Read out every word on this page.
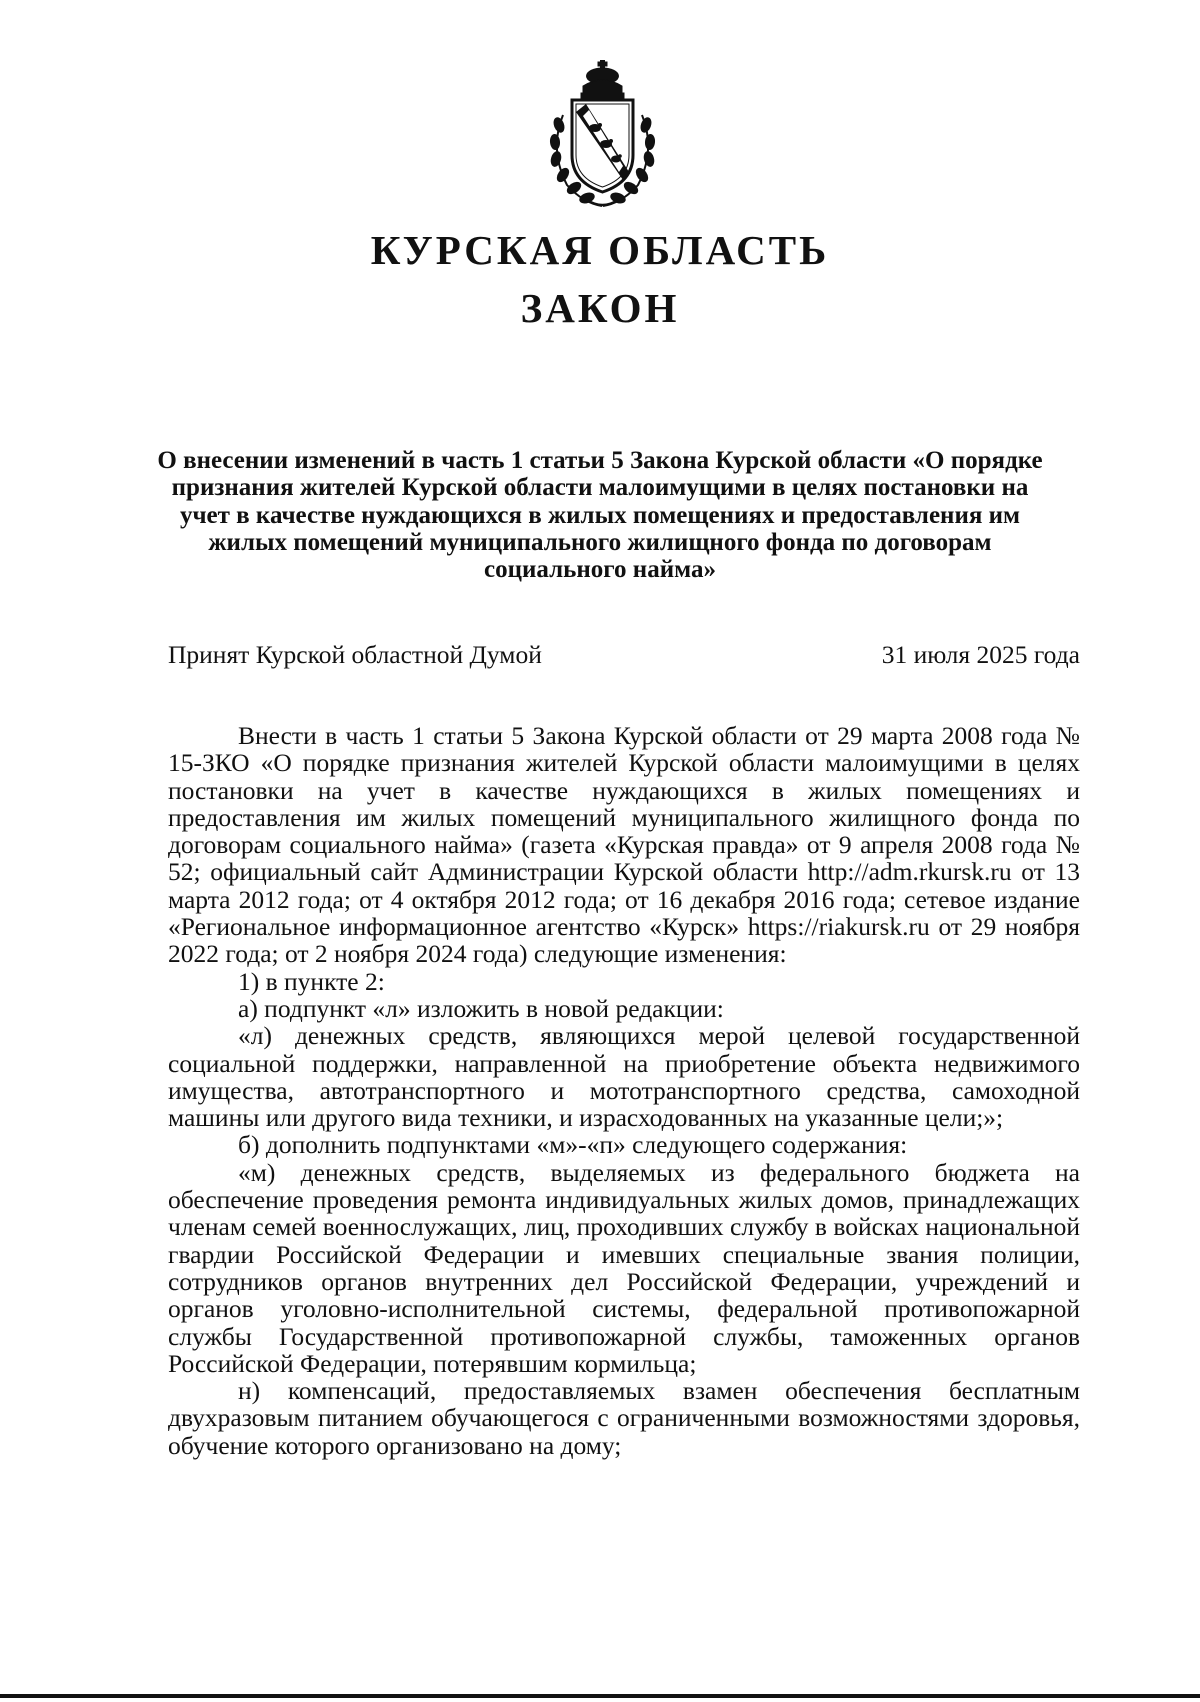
КУРСКАЯ ОБЛАСТЬ
ЗАКОН
О внесении изменений в часть 1 статьи 5 Закона Курской области «О порядке признания жителей Курской области малоимущими в целях постановки на учет в качестве нуждающихся в жилых помещениях и предоставления им жилых помещений муниципального жилищного фонда по договорам социального найма»
Принят Курской областной Думой	31 июля 2025 года

Внести в часть 1 статьи 5 Закона Курской области от 29 марта 2008 года № 15-ЗКО «О порядке признания жителей Курской области малоимущими в целях постановки на учет в качестве нуждающихся в жилых помещениях и предоставления им жилых помещений муниципального жилищного фонда по договорам социального найма» (газета «Курская правда» от 9 апреля 2008 года № 52; официальный сайт Администрации Курской области http://adm.rkursk.ru от 13 марта 2012 года; от 4 октября 2012 года; от 16 декабря 2016 года; сетевое издание «Региональное информационное агентство «Курск» https://riakursk.ru от 29 ноября 2022 года; от 2 ноября 2024 года) следующие изменения:

1) в пункте 2:

а) подпункт «л» изложить в новой редакции:

«л) денежных средств, являющихся мерой целевой государственной социальной поддержки, направленной на приобретение объекта недвижимого имущества, автотранспортного и мототранспортного средства, самоходной машины или другого вида техники, и израсходованных на указанные цели;»;

б) дополнить подпунктами «м»-«п» следующего содержания:

«м) денежных средств, выделяемых из федерального бюджета на обеспечение проведения ремонта индивидуальных жилых домов, принадлежащих членам семей военнослужащих, лиц, проходивших службу в войсках национальной гвардии Российской Федерации и имевших специальные звания полиции, сотрудников органов внутренних дел Российской Федерации, учреждений и органов уголовно-исполнительной системы, федеральной противопожарной службы Государственной противопожарной службы, таможенных органов Российской Федерации, потерявшим кормильца;

н) компенсаций, предоставляемых взамен обеспечения бесплатным двухразовым питанием обучающегося с ограниченными возможностями здоровья, обучение которого организовано на дому;
